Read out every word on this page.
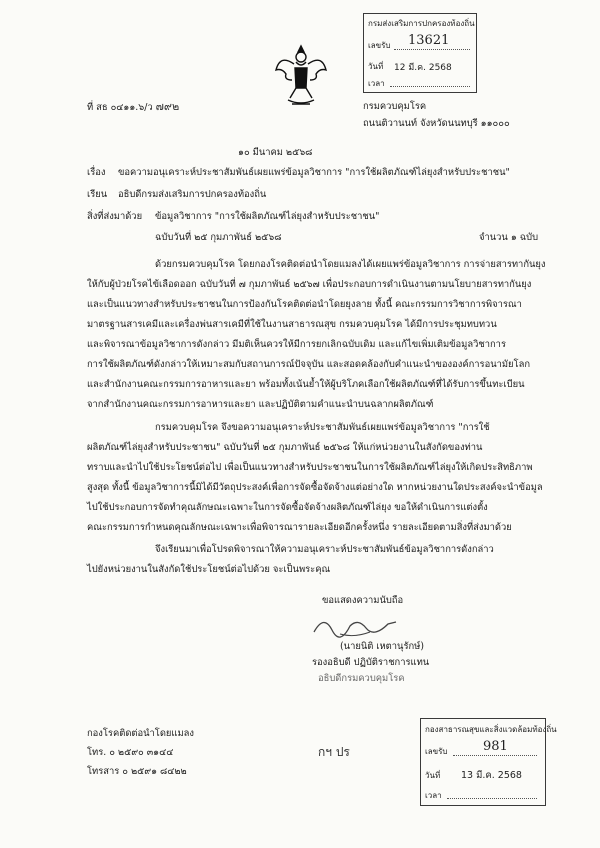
ที่ สธ ๐๔๑๑.๖/ว ๗๙๒	กรมควบคุมโรค
ถนนติวานนท์ จังหวัดนนทบุรี ๑๑๐๐๐
๑๐ มีนาคม ๒๕๖๘
เรื่อง ขอความอนุเคราะห์ประชาสัมพันธ์เผยแพร่ข้อมูลวิชาการ "การใช้ผลิตภัณฑ์ไล่ยุงสำหรับประชาชน"
เรียน อธิบดีกรมส่งเสริมการปกครองท้องถิ่น
สิ่งที่ส่งมาด้วย ข้อมูลวิชาการ "การใช้ผลิตภัณฑ์ไล่ยุงสำหรับประชาชน"
ฉบับวันที่ ๒๕ กุมภาพันธ์ ๒๕๖๘	จำนวน ๑ ฉบับ
ด้วยกรมควบคุมโรค โดยกองโรคติดต่อนำโดยแมลงได้เผยแพร่ข้อมูลวิชาการ การจ่ายสารทากันยุง
ให้กับผู้ป่วยโรคไข้เลือดออก ฉบับวันที่ ๗ กุมภาพันธ์ ๒๕๖๗ เพื่อประกอบการดำเนินงานตามนโยบายสารทากันยุง
และเป็นแนวทางสำหรับประชาชนในการป้องกันโรคติดต่อนำโดยยุงลาย ทั้งนี้ คณะกรรมการวิชาการพิจารณา
มาตรฐานสารเคมีและเครื่องพ่นสารเคมีที่ใช้ในงานสาธารณสุข กรมควบคุมโรค ได้มีการประชุมทบทวน
และพิจารณาข้อมูลวิชาการดังกล่าว มีมติเห็นควรให้มีการยกเลิกฉบับเดิม และแก้ไขเพิ่มเติมข้อมูลวิชาการ
การใช้ผลิตภัณฑ์ดังกล่าวให้เหมาะสมกับสถานการณ์ปัจจุบัน และสอดคล้องกับคำแนะนำขององค์การอนามัยโลก
และสำนักงานคณะกรรมการอาหารและยา พร้อมทั้งเน้นย้ำให้ผู้บริโภคเลือกใช้ผลิตภัณฑ์ที่ได้รับการขึ้นทะเบียน
จากสำนักงานคณะกรรมการอาหารและยา และปฏิบัติตามคำแนะนำบนฉลากผลิตภัณฑ์
กรมควบคุมโรค จึงขอความอนุเคราะห์ประชาสัมพันธ์เผยแพร่ข้อมูลวิชาการ "การใช้
ผลิตภัณฑ์ไล่ยุงสำหรับประชาชน" ฉบับวันที่ ๒๕ กุมภาพันธ์ ๒๕๖๘ ให้แก่หน่วยงานในสังกัดของท่าน
ทราบและนำไปใช้ประโยชน์ต่อไป เพื่อเป็นแนวทางสำหรับประชาชนในการใช้ผลิตภัณฑ์ไล่ยุงให้เกิดประสิทธิภาพ
สูงสุด ทั้งนี้ ข้อมูลวิชาการนี้มิได้มีวัตถุประสงค์เพื่อการจัดซื้อจัดจ้างแต่อย่างใด หากหน่วยงานใดประสงค์จะนำข้อมูล
ไปใช้ประกอบการจัดทำคุณลักษณะเฉพาะในการจัดซื้อจัดจ้างผลิตภัณฑ์ไล่ยุง ขอให้ดำเนินการแต่งตั้ง
คณะกรรมการกำหนดคุณลักษณะเฉพาะเพื่อพิจารณารายละเอียดอีกครั้งหนึ่ง รายละเอียดตามสิ่งที่ส่งมาด้วย
จึงเรียนมาเพื่อโปรดพิจารณาให้ความอนุเคราะห์ประชาสัมพันธ์ข้อมูลวิชาการดังกล่าว
ไปยังหน่วยงานในสังกัดใช้ประโยชน์ต่อไปด้วย จะเป็นพระคุณ
ขอแสดงความนับถือ
(นายนิติ เหตานุรักษ์)
รองอธิบดี ปฏิบัติราชการแทน
อธิบดีกรมควบคุมโรค
กองโรคติดต่อนำโดยแมลง
โทร. ๐ ๒๕๙๐ ๓๑๔๔
โทรสาร ๐ ๒๕๙๑ ๘๔๒๒
กฯ ปร
กรมส่งเสริมการปกครองท้องถิ่น
เลขรับ 13621
วันที่ 12 มี.ค. 2568
เวลา
กองสาธารณสุขและสิ่งแวดล้อมท้องถิ่น
เลขรับ	981
วันที่ 13 มี.ค. 2568
เวลา
